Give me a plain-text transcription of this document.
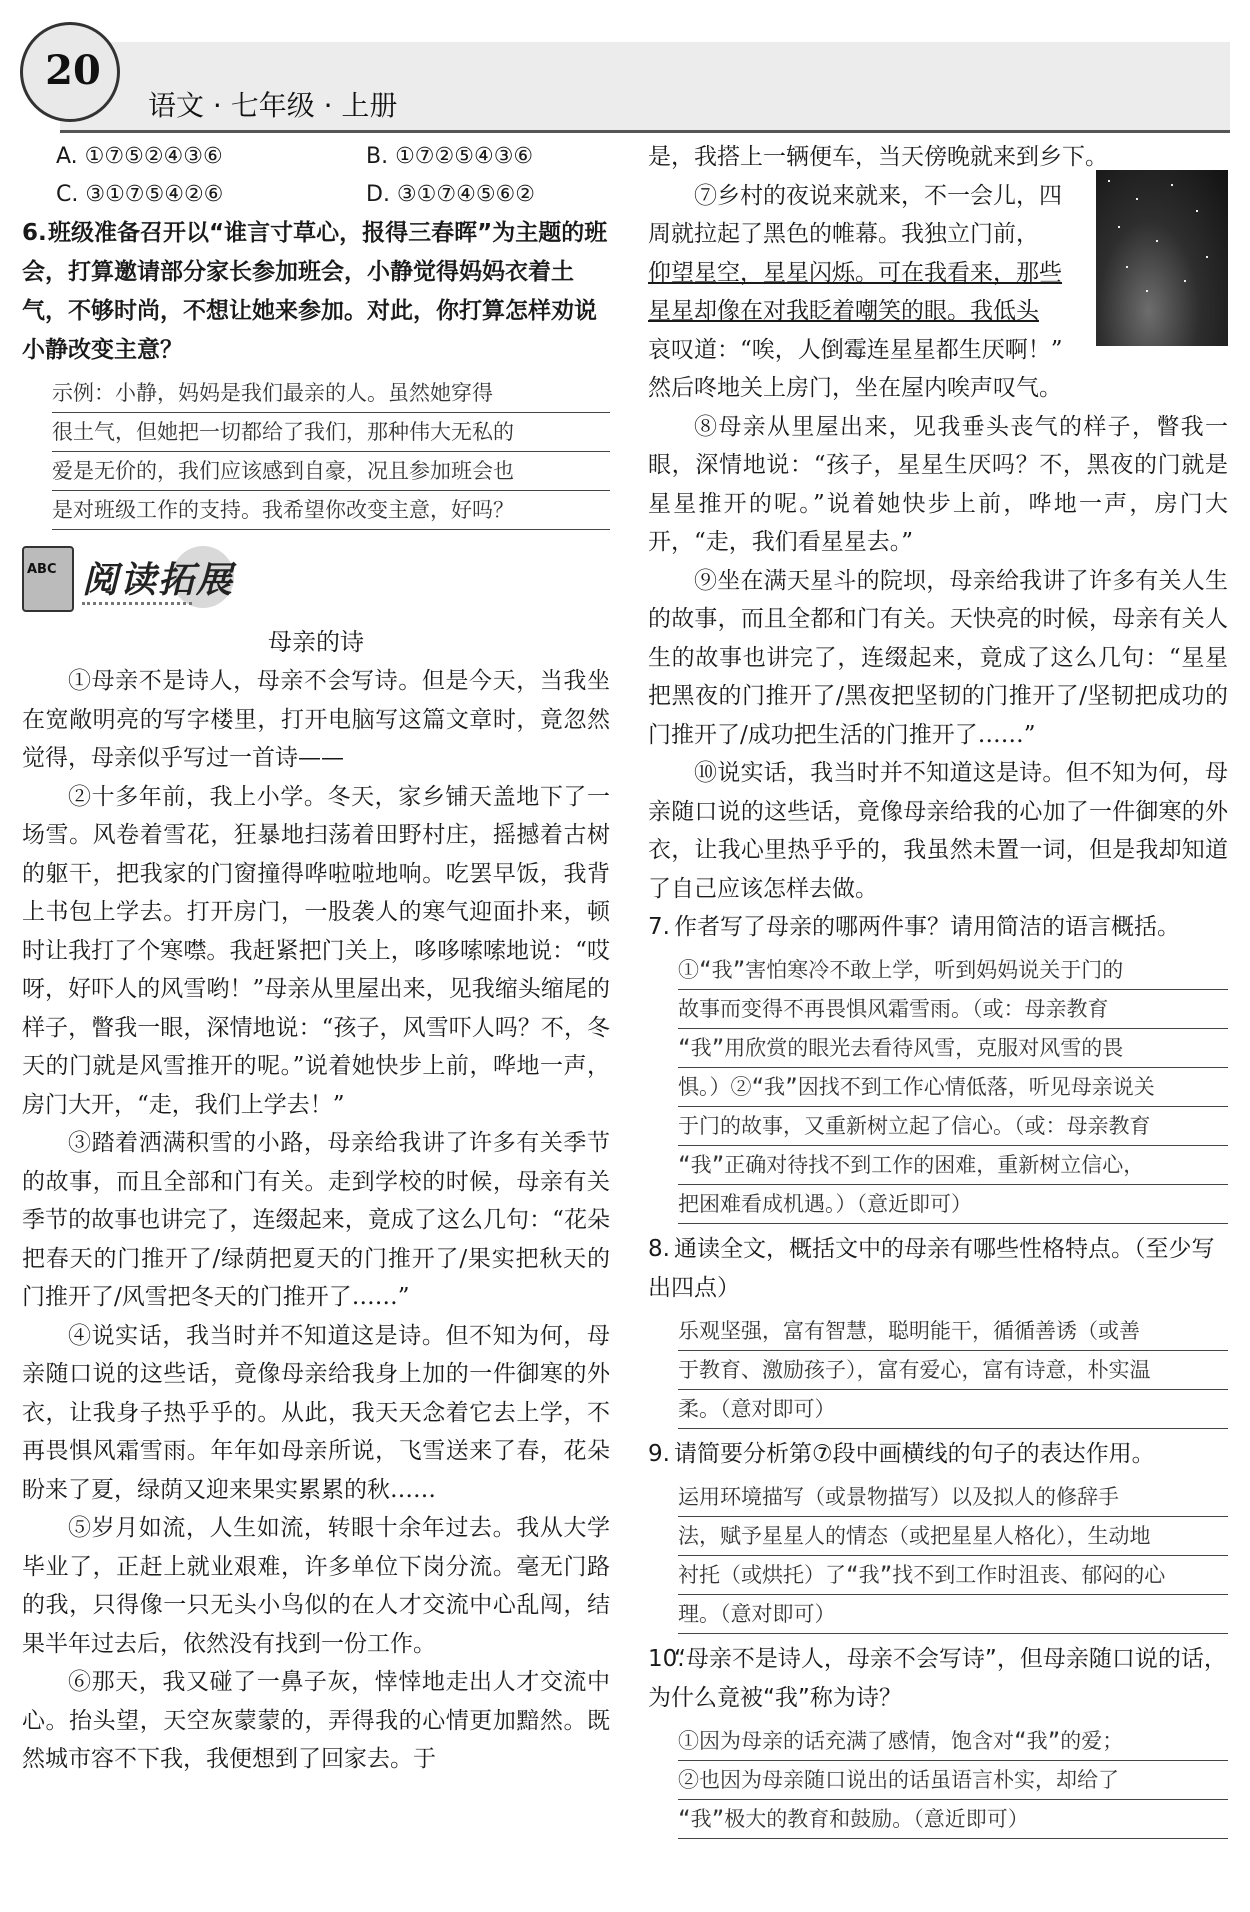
20
语文 · 七年级 · 上册
A. ①⑦⑤②④③⑥	B. ①⑦②⑤④③⑥
C. ③①⑦⑤④②⑥	D. ③①⑦④⑤⑥②

6.班级准备召开以“谁言寸草心，报得三春晖”为主题的班会，打算邀请部分家长参加班会，小静觉得妈妈衣着土气，不够时尚，不想让她来参加。对此，你打算怎样劝说小静改变主意？

示例：小静，妈妈是我们最亲的人。虽然她穿得
很土气，但她把一切都给了我们，那种伟大无私的
爱是无价的，我们应该感到自豪，况且参加班会也
是对班级工作的支持。我希望你改变主意，好吗？
ABC 阅读拓展

母亲的诗

①母亲不是诗人，母亲不会写诗。但是今天，当我坐在宽敞明亮的写字楼里，打开电脑写这篇文章时，竟忽然觉得，母亲似乎写过一首诗——

②十多年前，我上小学。冬天，家乡铺天盖地下了一场雪。风卷着雪花，狂暴地扫荡着田野村庄，摇撼着古树的躯干，把我家的门窗撞得哗啦啦地响。吃罢早饭，我背上书包上学去。打开房门，一股袭人的寒气迎面扑来，顿时让我打了个寒噤。我赶紧把门关上，哆哆嗦嗦地说：“哎呀，好吓人的风雪哟！”母亲从里屋出来，见我缩头缩尾的样子，瞥我一眼，深情地说：“孩子，风雪吓人吗？不，冬天的门就是风雪推开的呢。”说着她快步上前，哗地一声，房门大开，“走，我们上学去！”

③踏着洒满积雪的小路，母亲给我讲了许多有关季节的故事，而且全部和门有关。走到学校的时候，母亲有关季节的故事也讲完了，连缀起来，竟成了这么几句：“花朵把春天的门推开了/绿荫把夏天的门推开了/果实把秋天的门推开了/风雪把冬天的门推开了……”

④说实话，我当时并不知道这是诗。但不知为何，母亲随口说的这些话，竟像母亲给我身上加的一件御寒的外衣，让我身子热乎乎的。从此，我天天念着它去上学，不再畏惧风霜雪雨。年年如母亲所说，飞雪送来了春，花朵盼来了夏，绿荫又迎来果实累累的秋……

⑤岁月如流，人生如流，转眼十余年过去。我从大学毕业了，正赶上就业艰难，许多单位下岗分流。毫无门路的我，只得像一只无头小鸟似的在人才交流中心乱闯，结果半年过去后，依然没有找到一份工作。

⑥那天，我又碰了一鼻子灰，悻悻地走出人才交流中心。抬头望，天空灰蒙蒙的，弄得我的心情更加黯然。既然城市容不下我，我便想到了回家去。于

是，我搭上一辆便车，当天傍晚就来到乡下。

⑦乡村的夜说来就来，不一会儿，四

周就拉起了黑色的帷幕。我独立门前，

仰望星空，星星闪烁。可在我看来，那些

星星却像在对我眨着嘲笑的眼。我低头

哀叹道：“唉，人倒霉连星星都生厌啊！”

然后咚地关上房门，坐在屋内唉声叹气。

⑧母亲从里屋出来，见我垂头丧气的样子，瞥我一眼，深情地说：“孩子，星星生厌吗？不，黑夜的门就是星星推开的呢。”说着她快步上前，哗地一声，房门大开，“走，我们看星星去。”

⑨坐在满天星斗的院坝，母亲给我讲了许多有关人生的故事，而且全都和门有关。天快亮的时候，母亲有关人生的故事也讲完了，连缀起来，竟成了这么几句：“星星把黑夜的门推开了/黑夜把坚韧的门推开了/坚韧把成功的门推开了/成功把生活的门推开了……”

⑩说实话，我当时并不知道这是诗。但不知为何，母亲随口说的这些话，竟像母亲给我的心加了一件御寒的外衣，让我心里热乎乎的，我虽然未置一词，但是我却知道了自己应该怎样去做。

7. 作者写了母亲的哪两件事？请用简洁的语言概括。

①“我”害怕寒冷不敢上学，听到妈妈说关于门的
故事而变得不再畏惧风霜雪雨。（或：母亲教育
“我”用欣赏的眼光去看待风雪，克服对风雪的畏
惧。）②“我”因找不到工作心情低落，听见母亲说关
于门的故事，又重新树立起了信心。（或：母亲教育
“我”正确对待找不到工作的困难，重新树立信心，
把困难看成机遇。）（意近即可）

8. 通读全文，概括文中的母亲有哪些性格特点。（至少写出四点）

乐观坚强，富有智慧，聪明能干，循循善诱（或善
于教育、激励孩子），富有爱心，富有诗意，朴实温
柔。（意对即可）

9. 请简要分析第⑦段中画横线的句子的表达作用。

运用环境描写（或景物描写）以及拟人的修辞手
法，赋予星星人的情态（或把星星人格化），生动地
衬托（或烘托）了“我”找不到工作时沮丧、郁闷的心
理。（意对即可）

10.“母亲不是诗人，母亲不会写诗”，但母亲随口说的话，为什么竟被“我”称为诗？

①因为母亲的话充满了感情，饱含对“我”的爱；
②也因为母亲随口说出的话虽语言朴实，却给了
“我”极大的教育和鼓励。（意近即可）
